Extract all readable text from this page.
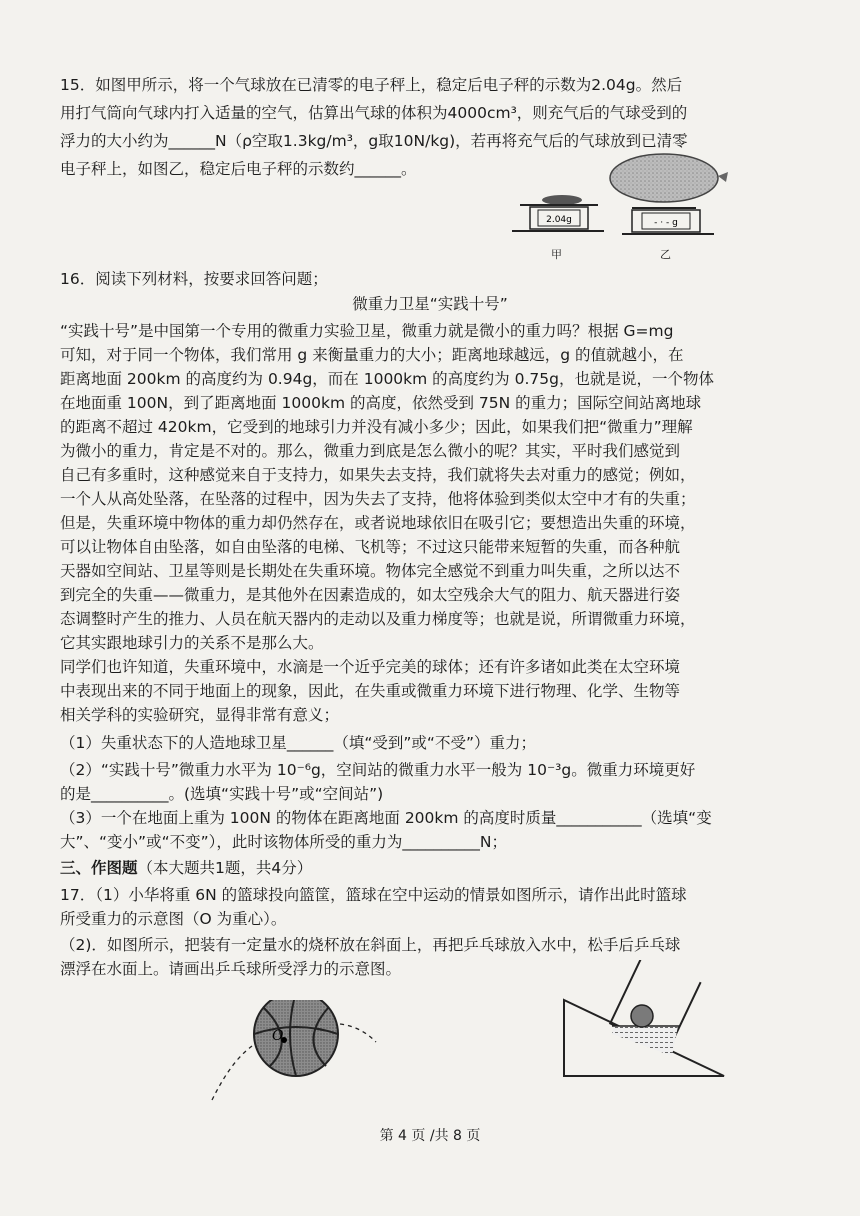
15．如图甲所示，将一个气球放在已清零的电子秤上，稳定后电子秤的示数为2.04g。然后
用打气筒向气球内打入适量的空气，估算出气球的体积为4000cm³，则充气后的气球受到的
浮力的大小约为______N（ρ空取1.3kg/m³，g取10N/kg)，若再将充气后的气球放到已清零
电子秤上，如图乙，稳定后电子秤的示数约______。
2.04g
甲
- · - g
乙
16．阅读下列材料，按要求回答问题；
微重力卫星“实践十号”
“实践十号”是中国第一个专用的微重力实验卫星，微重力就是微小的重力吗？根据 G=mg
可知，对于同一个物体，我们常用 g 来衡量重力的大小；距离地球越远，g 的值就越小，在
距离地面 200km 的高度约为 0.94g，而在 1000km 的高度约为 0.75g，也就是说，一个物体
在地面重 100N，到了距离地面 1000km 的高度，依然受到 75N 的重力；国际空间站离地球
的距离不超过 420km，它受到的地球引力并没有减小多少；因此，如果我们把“微重力”理解
为微小的重力，肯定是不对的。那么，微重力到底是怎么微小的呢？其实，平时我们感觉到
自己有多重时，这种感觉来自于支持力，如果失去支持，我们就将失去对重力的感觉；例如，
一个人从高处坠落，在坠落的过程中，因为失去了支持，他将体验到类似太空中才有的失重；
但是，失重环境中物体的重力却仍然存在，或者说地球依旧在吸引它；要想造出失重的环境，
可以让物体自由坠落，如自由坠落的电梯、飞机等；不过这只能带来短暂的失重，而各种航
天器如空间站、卫星等则是长期处在失重环境。物体完全感觉不到重力叫失重，之所以达不
到完全的失重——微重力，是其他外在因素造成的，如太空残余大气的阻力、航天器进行姿
态调整时产生的推力、人员在航天器内的走动以及重力梯度等；也就是说，所谓微重力环境，
它其实跟地球引力的关系不是那么大。
同学们也许知道，失重环境中，水滴是一个近乎完美的球体；还有许多诸如此类在太空环境
中表现出来的不同于地面上的现象，因此，在失重或微重力环境下进行物理、化学、生物等
相关学科的实验研究，显得非常有意义；
（1）失重状态下的人造地球卫星______（填“受到”或“不受”）重力；
（2）“实践十号”微重力水平为 10⁻⁶g，空间站的微重力水平一般为 10⁻³g。微重力环境更好
的是__________。(选填“实践十号”或“空间站”)
（3）一个在地面上重为 100N 的物体在距离地面 200km 的高度时质量___________（选填“变
大”、“变小”或“不变”），此时该物体所受的重力为__________N；
三、作图题（本大题共1题，共4分）
17．（1）小华将重 6N 的篮球投向篮筐，篮球在空中运动的情景如图所示，请作出此时篮球
所受重力的示意图（O 为重心）。
（2)．如图所示，把装有一定量水的烧杯放在斜面上，再把乒乓球放入水中，松手后乒乓球
漂浮在水面上。请画出乒乓球所受浮力的示意图。
O
第 4 页 /共 8 页
